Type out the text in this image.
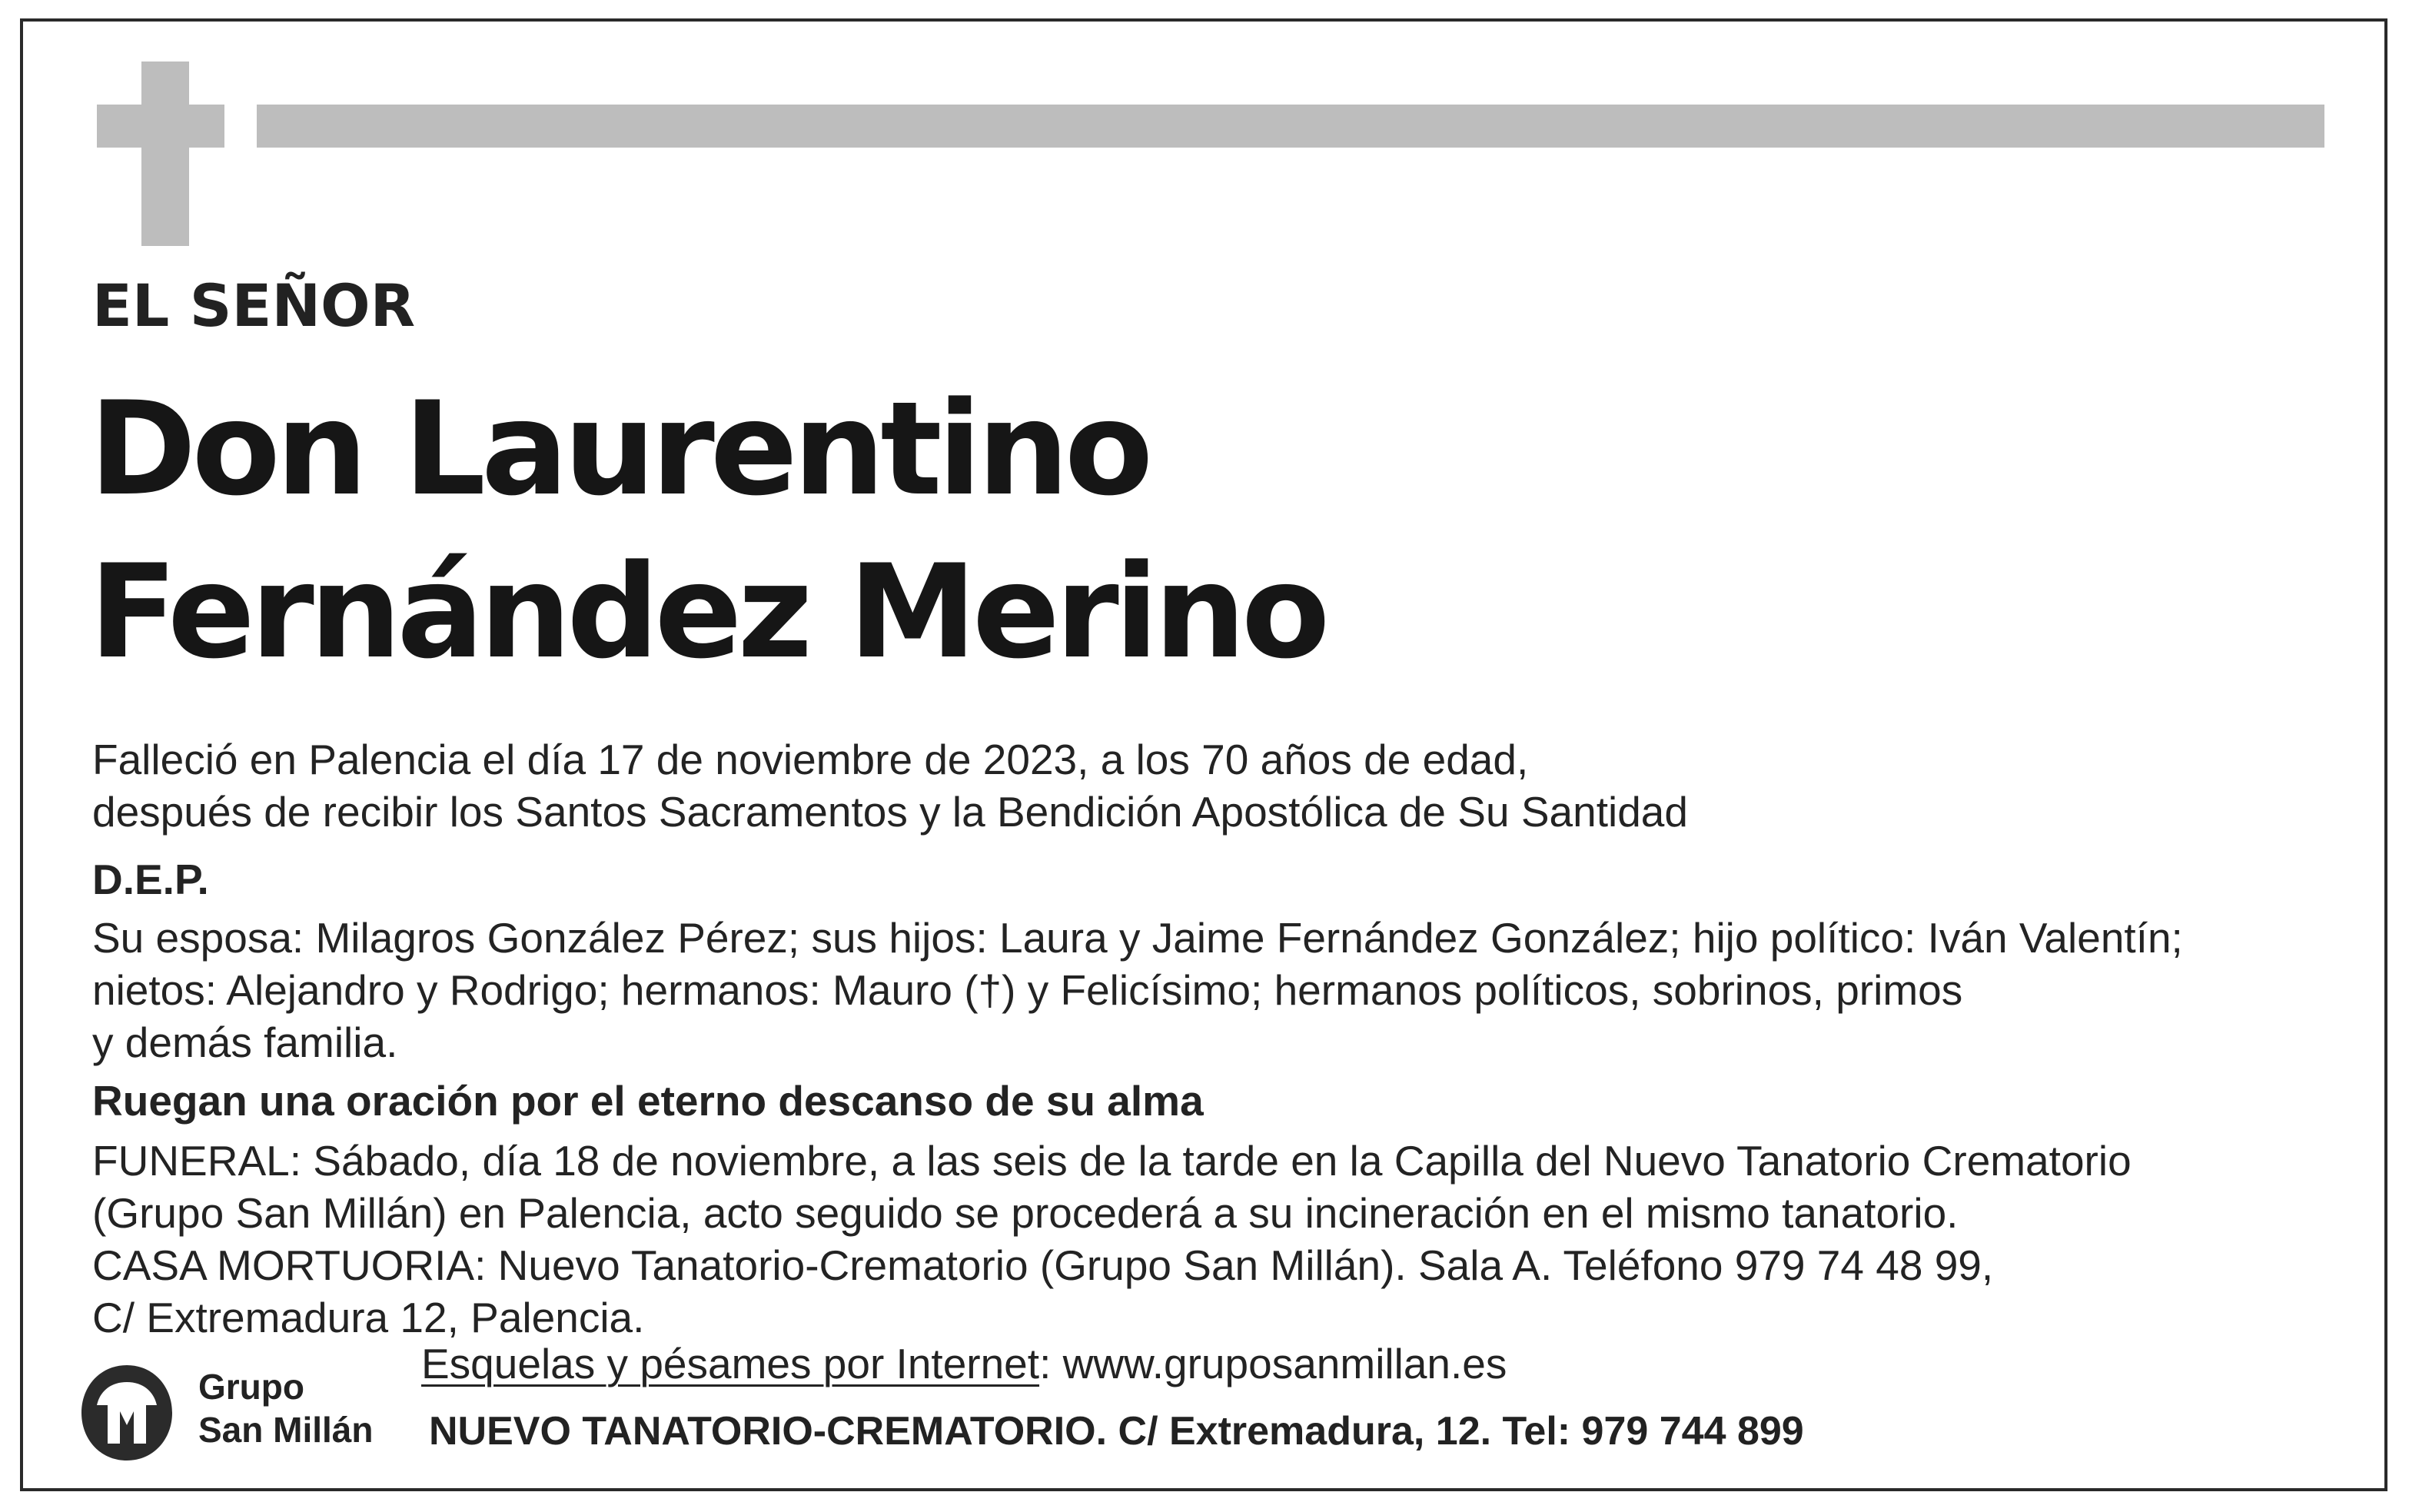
EL SEÑOR
Don Laurentino
Fernández Merino

Falleció en Palencia el día 17 de noviembre de 2023, a los 70 años de edad,

después de recibir los Santos Sacramentos y la Bendición Apostólica de Su Santidad

D.E.P.

Su esposa: Milagros González Pérez; sus hijos: Laura y Jaime Fernández González; hijo político: Iván Valentín;

nietos: Alejandro y Rodrigo; hermanos: Mauro (†) y Felicísimo; hermanos políticos, sobrinos, primos

y demás familia.

Ruegan una oración por el eterno descanso de su alma

FUNERAL: Sábado, día 18 de noviembre, a las seis de la tarde en la Capilla del Nuevo Tanatorio Crematorio

(Grupo San Millán) en Palencia, acto seguido se procederá a su incineración en el mismo tanatorio.

CASA MORTUORIA: Nuevo Tanatorio-Crematorio (Grupo San Millán). Sala A. Teléfono 979 74 48 99,

C/ Extremadura 12, Palencia.

Grupo
San Millán

Esquelas y pésames por Internet: www.gruposanmillan.es

NUEVO TANATORIO-CREMATORIO. C/ Extremadura, 12. Tel: 979 744 899
